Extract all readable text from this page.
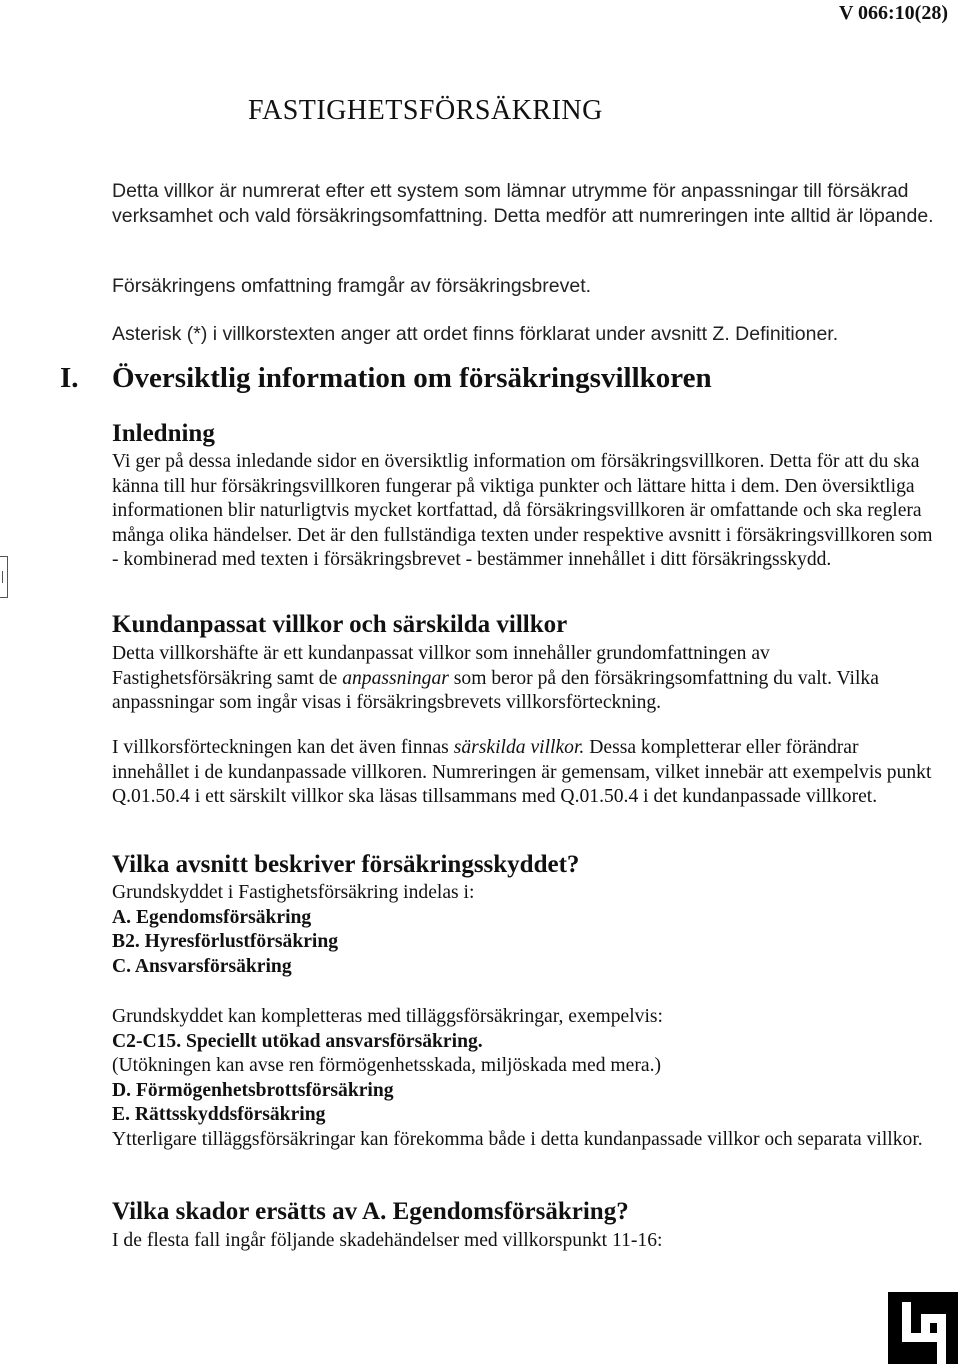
V 066:10(28)
FASTIGHETSFÖRSÄKRING
Detta villkor är numrerat efter ett system som lämnar utrymme för anpassningar till försäkrad verksamhet och vald försäkringsomfattning. Detta medför att numreringen inte alltid är löpande.
Försäkringens omfattning framgår av försäkringsbrevet.
Asterisk (*) i villkorstexten anger att ordet finns förklarat under avsnitt Z. Definitioner.
I. Översiktlig information om försäkringsvillkoren
Inledning
Vi ger på dessa inledande sidor en översiktlig information om försäkringsvillkoren. Detta för att du ska känna till hur försäkringsvillkoren fungerar på viktiga punkter och lättare hitta i dem. Den översiktliga informationen blir naturligtvis mycket kortfattad, då försäkringsvillkoren är omfattande och ska reglera många olika händelser. Det är den fullständiga texten under respektive avsnitt i försäkringsvillkoren som - kombinerad med texten i försäkringsbrevet - bestämmer innehållet i ditt försäkringsskydd.
Kundanpassat villkor och särskilda villkor
Detta villkorshäfte är ett kundanpassat villkor som innehåller grundomfattningen av Fastighetsförsäkring samt de anpassningar som beror på den försäkringsomfattning du valt. Vilka anpassningar som ingår visas i försäkringsbrevets villkorsförteckning.
I villkorsförteckningen kan det även finnas särskilda villkor. Dessa kompletterar eller förändrar innehållet i de kundanpassade villkoren. Numreringen är gemensam, vilket innebär att exempelvis punkt Q.01.50.4 i ett särskilt villkor ska läsas tillsammans med Q.01.50.4 i det kundanpassade villkoret.
Vilka avsnitt beskriver försäkringsskyddet?

Grundskyddet i Fastighetsförsäkring indelas i:

A. Egendomsförsäkring

B2. Hyresförlustförsäkring

C. Ansvarsförsäkring

Grundskyddet kan kompletteras med tilläggsförsäkringar, exempelvis:

C2-C15. Speciellt utökad ansvarsförsäkring.

(Utökningen kan avse ren förmögenhetsskada, miljöskada med mera.)

D. Förmögenhetsbrottsförsäkring

E. Rättsskyddsförsäkring

Ytterligare tilläggsförsäkringar kan förekomma både i detta kundanpassade villkor och separata villkor.

Vilka skador ersätts av A. Egendomsförsäkring?
I de flesta fall ingår följande skadehändelser med villkorspunkt 11-16:
